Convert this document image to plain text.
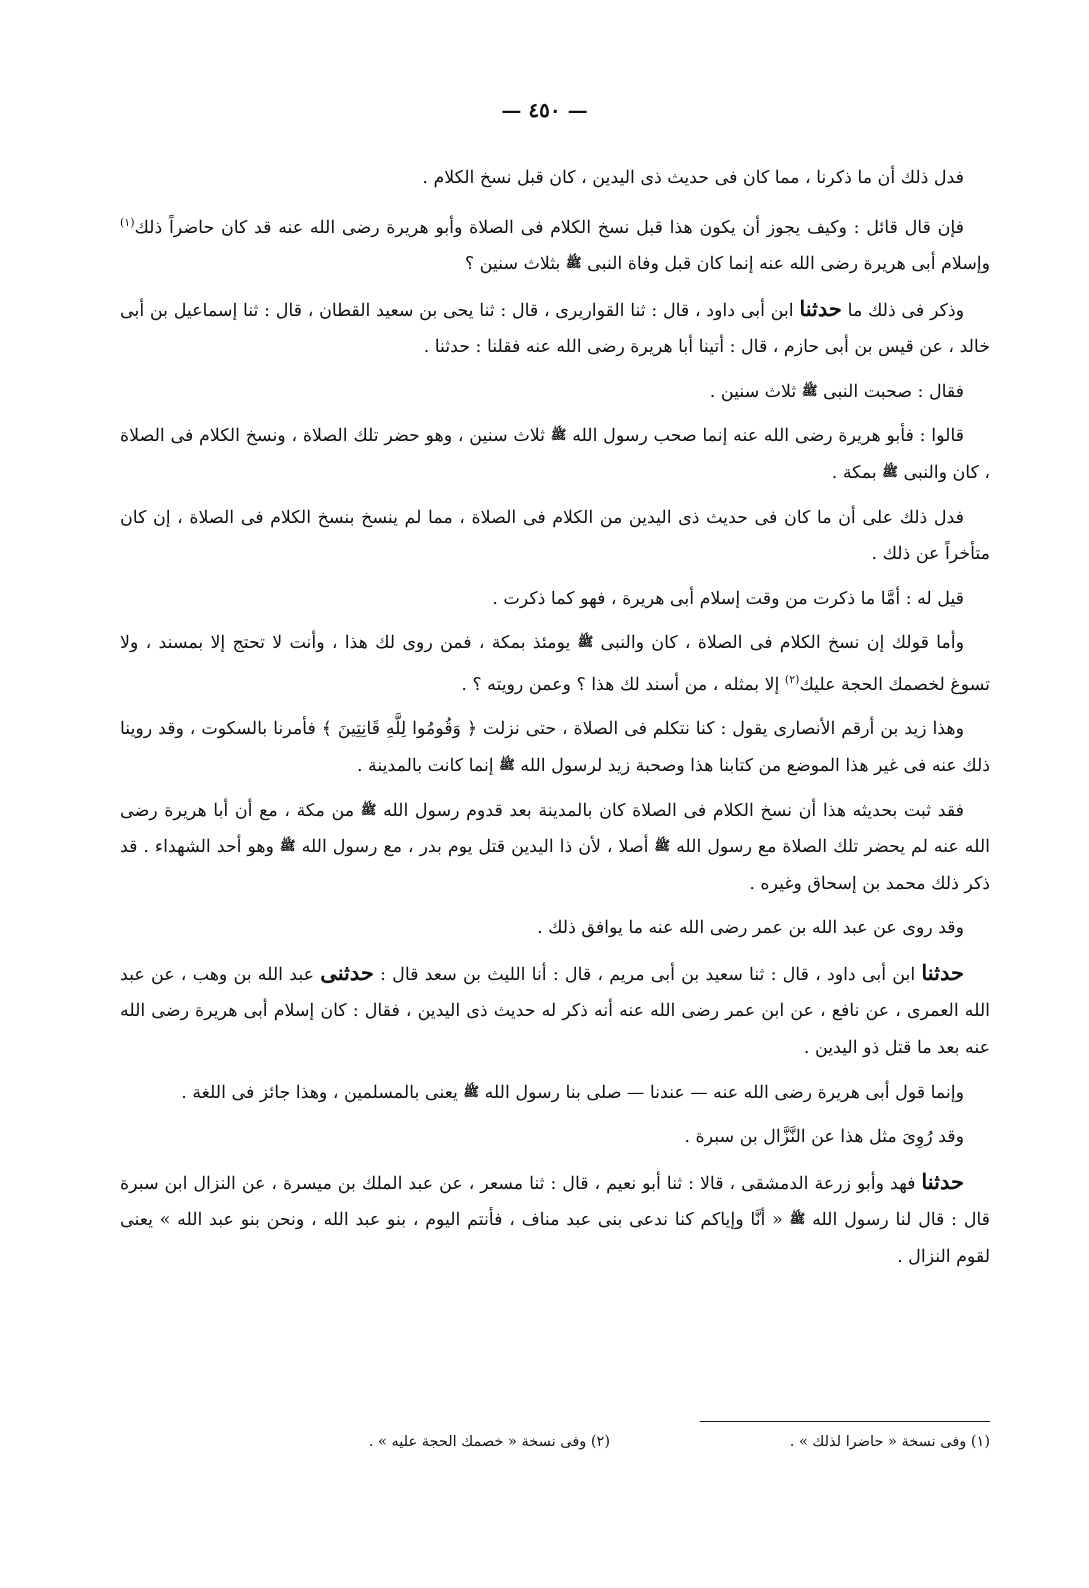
— ٤٥٠ —

فدل ذلك أن ما ذكرنا ، مما كان فى حديث ذى اليدين ، كان قبل نسخ الكلام .

فإن قال قائل : وكيف يجوز أن يكون هذا قبل نسخ الكلام فى الصلاة وأبو هريرة رضى الله عنه قد كان حاضراً ذلك$^{(١)}$ وإسلام أبى هريرة رضى الله عنه إنما كان قبل وفاة النبى ﷺ بثلاث سنين ؟

وذكر فى ذلك ما حدثنا ابن أبى داود ، قال : ثنا القواريرى ، قال : ثنا يحى بن سعيد القطان ، قال : ثنا إسماعيل بن أبى خالد ، عن قيس بن أبى حازم ، قال : أتينا أبا هريرة رضى الله عنه فقلنا : حدثنا .

فقال : صحبت النبى ﷺ ثلاث سنين .

قالوا : فأبو هريرة رضى الله عنه إنما صحب رسول الله ﷺ ثلاث سنين ، وهو حضر تلك الصلاة ، ونسخ الكلام فى الصلاة ، كان والنبى ﷺ بمكة .

فدل ذلك على أن ما كان فى حديث ذى اليدين من الكلام فى الصلاة ، مما لم ينسخ بنسخ الكلام فى الصلاة ، إن كان متأخراً عن ذلك .

قيل له : أمَّا ما ذكرت من وقت إسلام أبى هريرة ، فهو كما ذكرت .

وأما قولك إن نسخ الكلام فى الصلاة ، كان والنبى ﷺ يومئذ بمكة ، فمن روى لك هذا ، وأنت لا تحتج إلا بمسند ، ولا تسوغ لخصمك الحجة عليك$^{(٢)}$ إلا بمثله ، من أسند لك هذا ؟ وعمن رويته ؟ .

وهذا زيد بن أرقم الأنصارى يقول : كنا نتكلم فى الصلاة ، حتى نزلت ﴿ وَقُومُوا لِلَّهِ قَانِتِينَ ﴾ فأمرنا بالسكوت ، وقد روينا ذلك عنه فى غير هذا الموضع من كتابنا هذا وصحبة زيد لرسول الله ﷺ إنما كانت بالمدينة .

فقد ثبت بحديثه هذا أن نسخ الكلام فى الصلاة كان بالمدينة بعد قدوم رسول الله ﷺ من مكة ، مع أن أبا هريرة رضى الله عنه لم يحضر تلك الصلاة مع رسول الله ﷺ أصلا ، لأن ذا اليدين قتل يوم بدر ، مع رسول الله ﷺ وهو أحد الشهداء . قد ذكر ذلك محمد بن إسحاق وغيره .

وقد روى عن عبد الله بن عمر رضى الله عنه ما يوافق ذلك .

حدثنا ابن أبى داود ، قال : ثنا سعيد بن أبى مريم ، قال : أنا الليث بن سعد قال : حدثنى عبد الله بن وهب ، عن عبد الله العمرى ، عن نافع ، عن ابن عمر رضى الله عنه أنه ذكر له حديث ذى اليدين ، فقال : كان إسلام أبى هريرة رضى الله عنه بعد ما قتل ذو اليدين .

وإنما قول أبى هريرة رضى الله عنه — عندنا — صلى بنا رسول الله ﷺ يعنى بالمسلمين ، وهذا جائز فى اللغة .

وقد رُوِىَ مثل هذا عن النَّزَّال بن سبرة .

حدثنا فهد وأبو زرعة الدمشقى ، قالا : ثنا أبو نعيم ، قال : ثنا مسعر ، عن عبد الملك بن ميسرة ، عن النزال ابن سبرة قال : قال لنا رسول الله ﷺ « أنَّا وإياكم كنا ندعى بنى عبد مناف ، فأنتم اليوم ، بنو عبد الله ، ونحن بنو عبد الله » يعنى لقوم النزال .

(١) وفى نسخة « حاضرا لذلك » .
(٢) وفى نسخة « خصمك الحجة عليه » .
